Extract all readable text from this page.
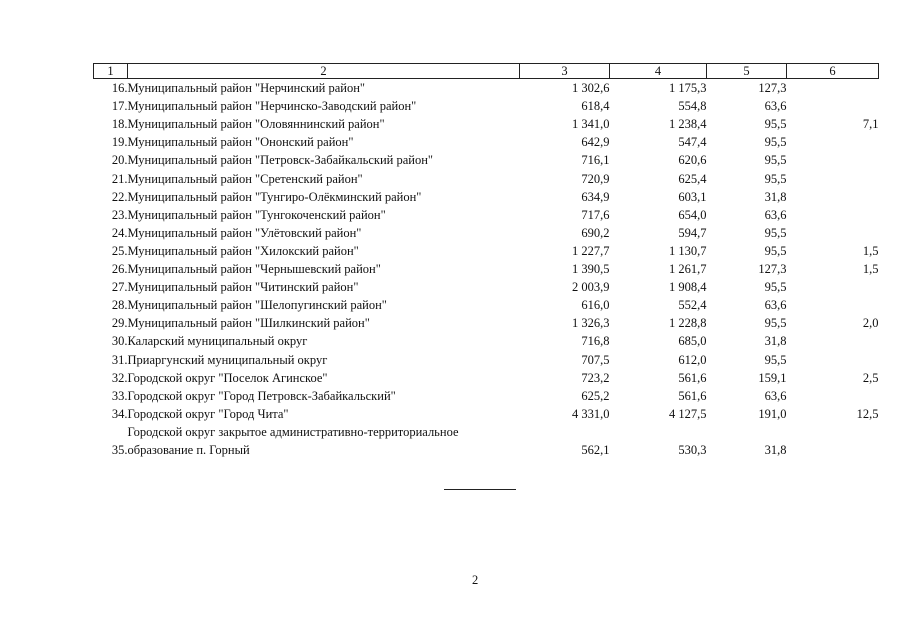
1	2	3	4	5	6
16.	Муниципальный район "Нерчинский район"	1 302,6	1 175,3	127,3	
17.	Муниципальный район "Нерчинско-Заводский район"	618,4	554,8	63,6	
18.	Муниципальный район "Оловяннинский район"	1 341,0	1 238,4	95,5	7,1
19.	Муниципальный район "Ононский район"	642,9	547,4	95,5	
20.	Муниципальный район "Петровск-Забайкальский район"	716,1	620,6	95,5	
21.	Муниципальный район "Сретенский район"	720,9	625,4	95,5	
22.	Муниципальный район "Тунгиро-Олёкминский район"	634,9	603,1	31,8	
23.	Муниципальный район "Тунгокоченский район"	717,6	654,0	63,6	
24.	Муниципальный район "Улётовский район"	690,2	594,7	95,5	
25.	Муниципальный район "Хилокский район"	1 227,7	1 130,7	95,5	1,5
26.	Муниципальный район "Чернышевский район"	1 390,5	1 261,7	127,3	1,5
27.	Муниципальный район "Читинский район"	2 003,9	1 908,4	95,5	
28.	Муниципальный район "Шелопугинский район"	616,0	552,4	63,6	
29.	Муниципальный район "Шилкинский район"	1 326,3	1 228,8	95,5	2,0
30.	Каларский муниципальный округ	716,8	685,0	31,8	
31.	Приаргунский муниципальный округ	707,5	612,0	95,5	
32.	Городской округ "Поселок Агинское"	723,2	561,6	159,1	2,5
33.	Городской округ "Город Петровск-Забайкальский"	625,2	561,6	63,6	
34.	Городской округ "Город Чита"	4 331,0	4 127,5	191,0	12,5
35.	Городской округ закрытое административно-территориальное образование п. Горный	562,1	530,3	31,8	
2
